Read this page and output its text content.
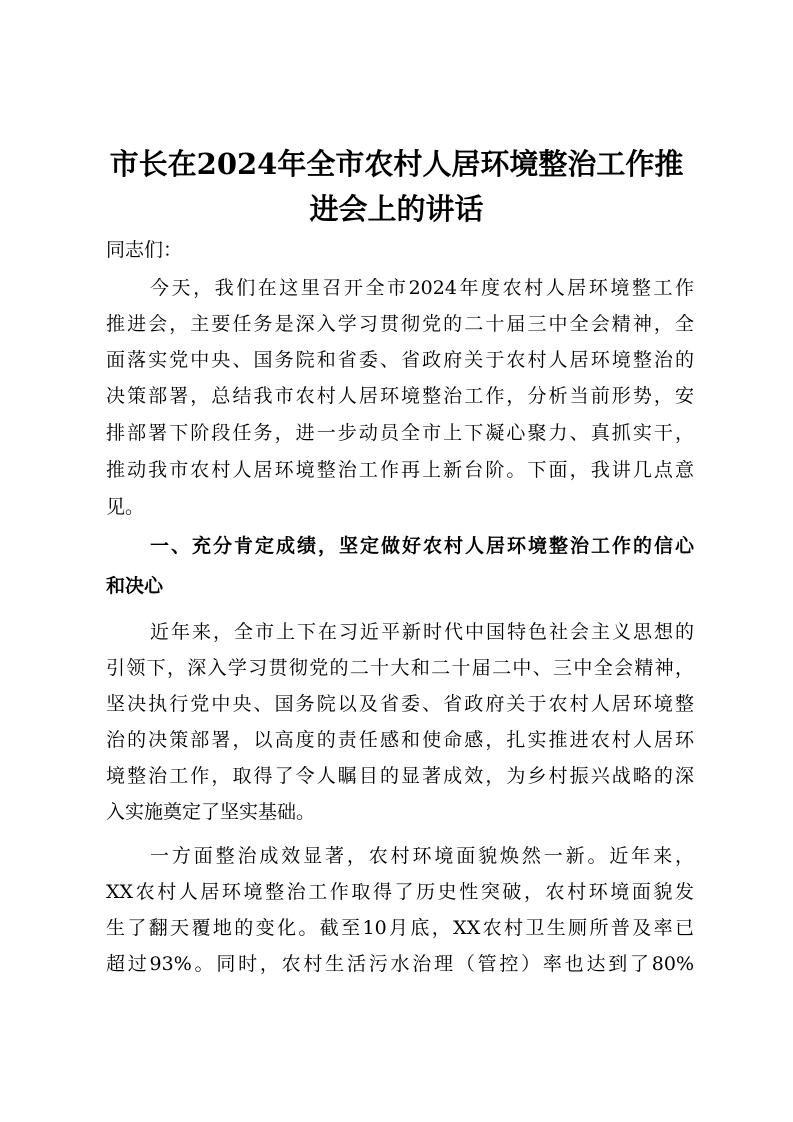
市长在2024年全市农村人居环境整治工作推
进会上的讲话
同志们：
今天，我们在这里召开全市2024年度农村人居环境整工作
推进会，主要任务是深入学习贯彻党的二十届三中全会精神，全
面落实党中央、国务院和省委、省政府关于农村人居环境整治的
决策部署，总结我市农村人居环境整治工作，分析当前形势，安
排部署下阶段任务，进一步动员全市上下凝心聚力、真抓实干，
推动我市农村人居环境整治工作再上新台阶。下面，我讲几点意
见。
一、充分肯定成绩，坚定做好农村人居环境整治工作的信心
和决心
近年来，全市上下在习近平新时代中国特色社会主义思想的
引领下，深入学习贯彻党的二十大和二十届二中、三中全会精神，
坚决执行党中央、国务院以及省委、省政府关于农村人居环境整
治的决策部署，以高度的责任感和使命感，扎实推进农村人居环
境整治工作，取得了令人瞩目的显著成效，为乡村振兴战略的深
入实施奠定了坚实基础。
一方面整治成效显著，农村环境面貌焕然一新。近年来，
XX农村人居环境整治工作取得了历史性突破，农村环境面貌发
生了翻天覆地的变化。截至10月底，XX农村卫生厕所普及率已
超过93%。同时，农村生活污水治理（管控）率也达到了80%
